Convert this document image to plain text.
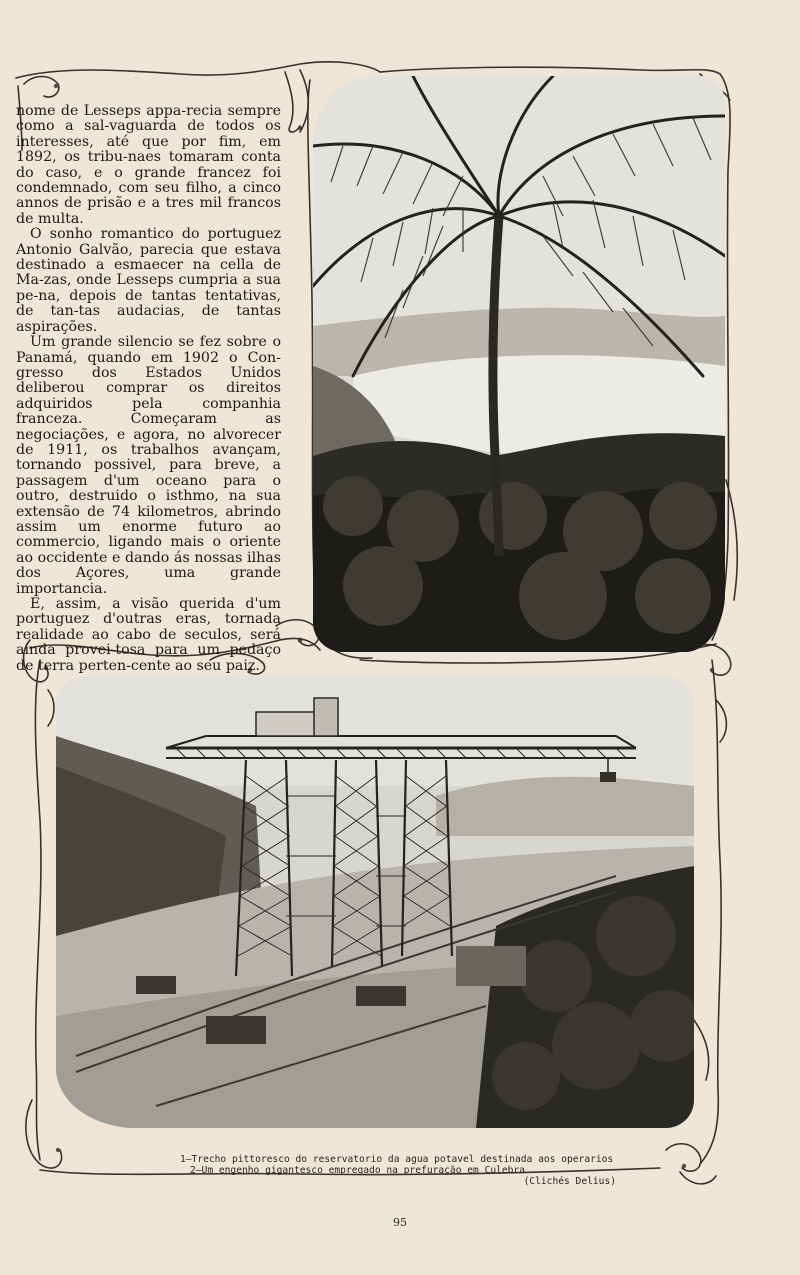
nome de Lesseps appa-recia sempre como a sal-vaguarda de todos os interesses, até que por fim, em 1892, os tribu-naes tomaram conta do caso, e o grande francez foi condemnado, com seu filho, a cinco annos de prisão e a tres mil francos de multa.

O sonho romantico do portuguez Antonio Galvão, parecia que estava destinado a esmaecer na cella de Ma-zas, onde Lesseps cumpria a sua pe-na, depois de tantas tentativas, de tan-tas audacias, de tantas aspirações.

Um grande silencio se fez sobre o Panamá, quando em 1902 o Con-gresso dos Estados Unidos deliberou comprar os direitos adquiridos pela companhia franceza. Começaram as negociações, e agora, no alvorecer de 1911, os trabalhos avançam, tornando possivel, para breve, a passagem d'um oceano para o outro, destruido o isthmo, na sua extensão de 74 kilometros, abrindo assim um enorme futuro ao commercio, ligando mais o oriente ao occidente e dando ás nossas ilhas dos Açores, uma grande importancia.

E, assim, a visão querida d'um portuguez d'outras eras, tornada realidade ao cabo de seculos, será ainda provei-tosa para um pedaço de terra perten-cente ao seu paiz.

1—Trecho pittoresco do reservatorio da agua potavel destinada aos operarios
2—Um engenho gigantesco empregado na prefuração em Culebra
(Clichés Delius)
95
